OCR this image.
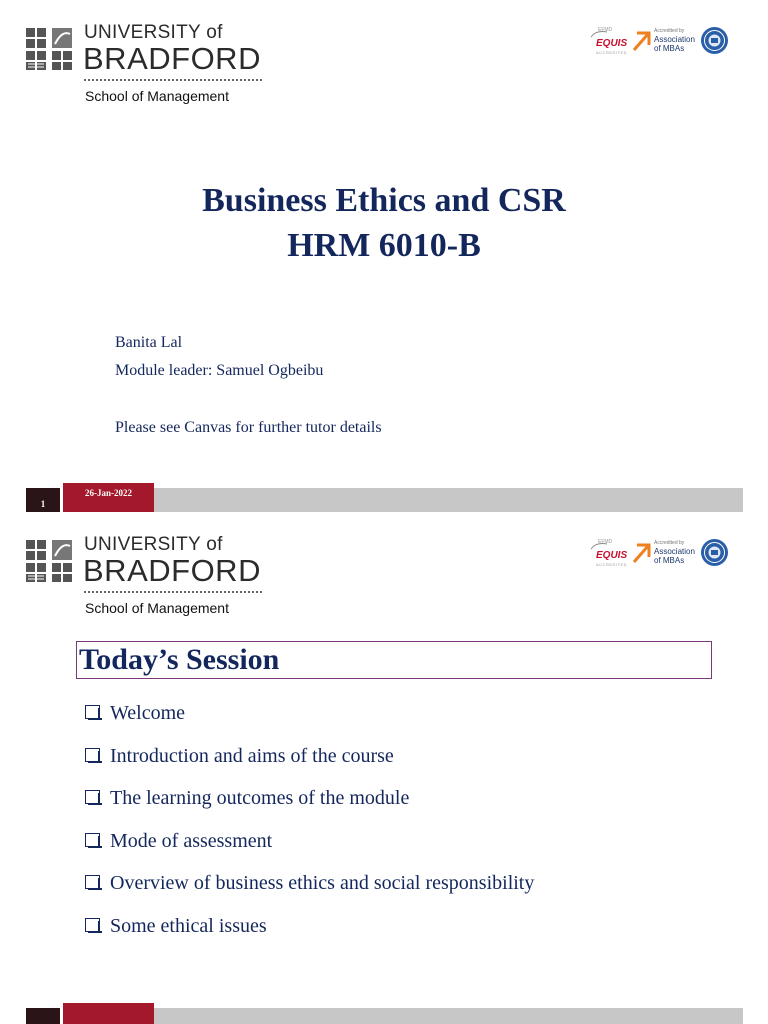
UNIVERSITY of
BRADFORD
School of Management
EFMD
EQUIS
ACCREDITED
Accredited by
Association
of MBAs
Business Ethics and CSR
HRM 6010-B
Banita Lal
Module leader: Samuel Ogbeibu
Please see Canvas for further tutor details
1
26-Jan-2022
UNIVERSITY of
BRADFORD
School of Management
EFMD
EQUIS
ACCREDITED
Accredited by
Association
of MBAs
Today’s Session
Welcome
Introduction and aims of the course
The learning outcomes of the module
Mode of assessment
Overview of business ethics and social responsibility
Some ethical issues
